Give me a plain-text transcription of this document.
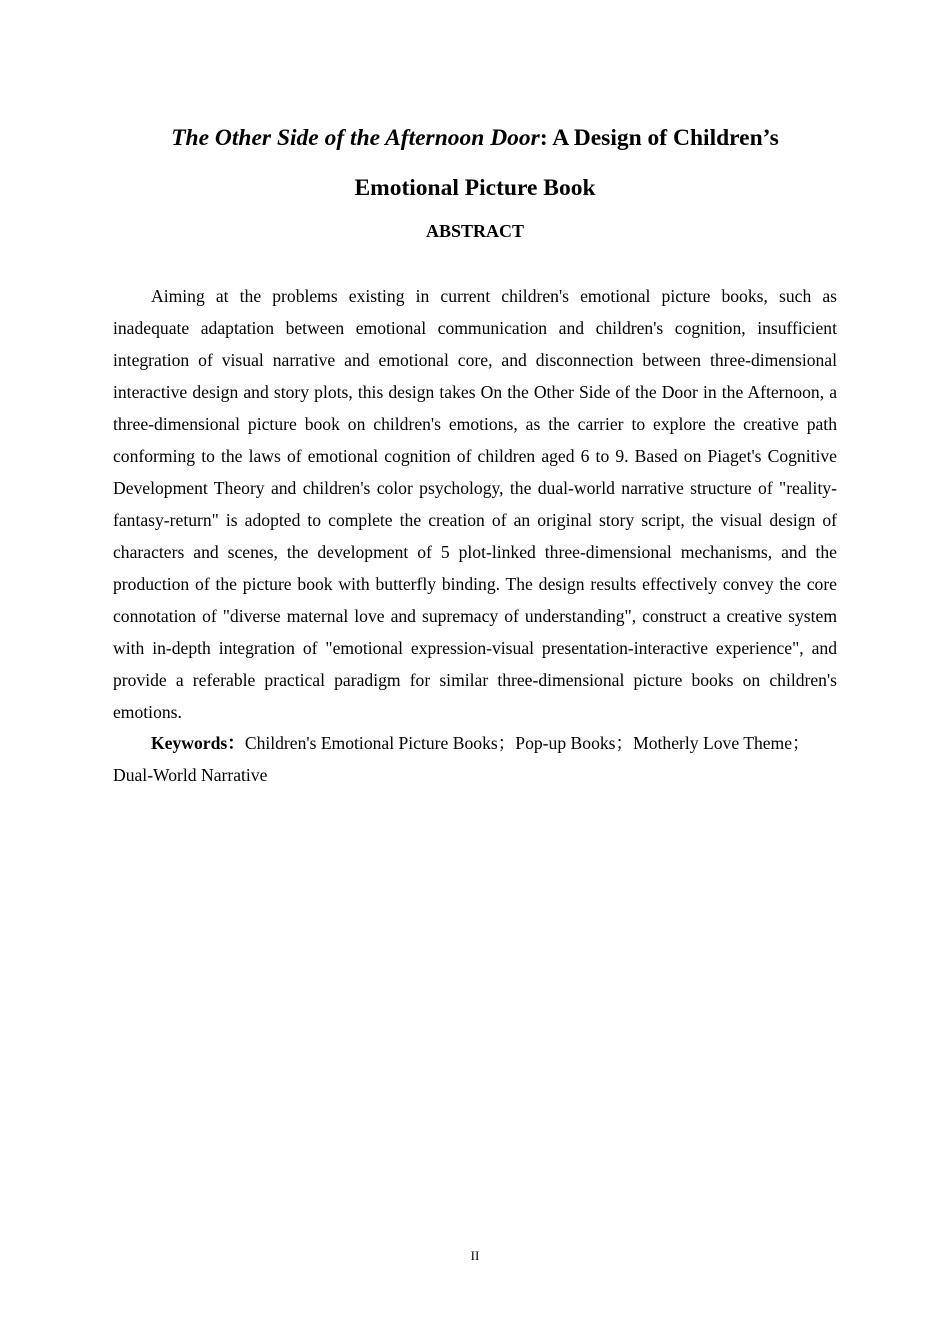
The Other Side of the Afternoon Door: A Design of Children’s

Emotional Picture Book

ABSTRACT

Aiming at the problems existing in current children's emotional picture books, such as inadequate adaptation between emotional communication and children's cognition, insufficient integration of visual narrative and emotional core, and disconnection between three-dimensional interactive design and story plots, this design takes On the Other Side of the Door in the Afternoon, a three-dimensional picture book on children's emotions, as the carrier to explore the creative path conforming to the laws of emotional cognition of children aged 6 to 9. Based on Piaget's Cognitive Development Theory and children's color psychology, the dual-world narrative structure of "reality-fantasy-return" is adopted to complete the creation of an original story script, the visual design of characters and scenes, the development of 5 plot-linked three-dimensional mechanisms, and the production of the picture book with butterfly binding. The design results effectively convey the core connotation of "diverse maternal love and supremacy of understanding", construct a creative system with in-depth integration of "emotional expression-visual presentation-interactive experience", and provide a referable practical paradigm for similar three-dimensional picture books on children's emotions.

Keywords：Children's Emotional Picture Books；Pop-up Books；Motherly Love Theme；Dual-World Narrative

II
